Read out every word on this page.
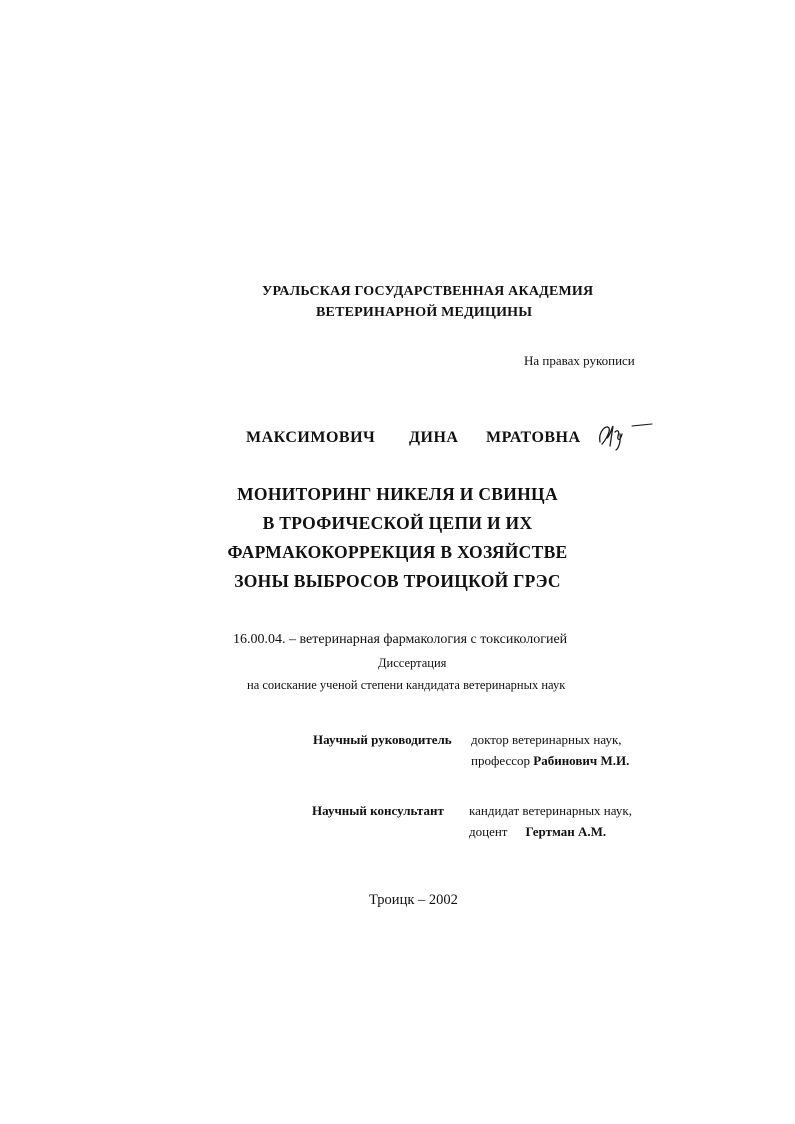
УРАЛЬСКАЯ ГОСУДАРСТВЕННАЯ АКАДЕМИЯ
ВЕТЕРИНАРНОЙ МЕДИЦИНЫ
На правах рукописи
МАКСИМОВИЧ ДИНА МРАТОВНА
МОНИТОРИНГ НИКЕЛЯ И СВИНЦА
В ТРОФИЧЕСКОЙ ЦЕПИ И ИХ
ФАРМАКОКОРРЕКЦИЯ В ХОЗЯЙСТВЕ
ЗОНЫ ВЫБРОСОВ ТРОИЦКОЙ ГРЭС
16.00.04. – ветеринарная фармакология с токсикологией
Диссертация
на соискание ученой степени кандидата ветеринарных наук
Научный руководитель доктор ветеринарных наук,
профессор Рабинович М.И.
Научный консультант кандидат ветеринарных наук,
доцент Гертман А.М.
Троицк – 2002
